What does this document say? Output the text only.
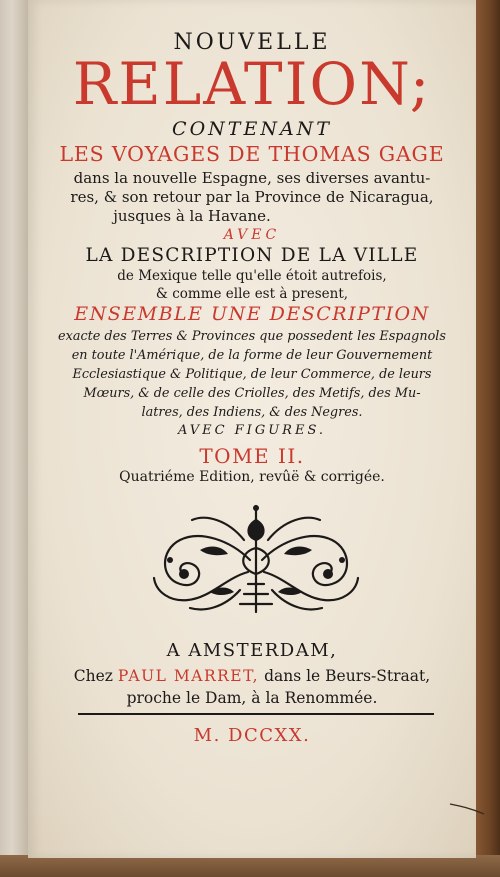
NOUVELLE
RELATION;
CONTENANT
LES VOYAGES DE THOMAS GAGE
dans la nouvelle Espagne, ses diverses avantu-
res, & son retour par la Province de Nicaragua,
jusques à la Havane.
AVEC
LA DESCRIPTION DE LA VILLE
de Mexique telle qu'elle étoit autrefois,
& comme elle est à present,
ENSEMBLE UNE DESCRIPTION
exacte des Terres & Provinces que possedent les Espagnols
en toute l'Amérique, de la forme de leur Gouvernement
Ecclesiastique & Politique, de leur Commerce, de leurs
Mœurs, & de celle des Criolles, des Metifs, des Mu-
latres, des Indiens, & des Negres.
AVEC FIGURES.
TOME II.
Quatriéme Edition, revûë & corrigée.
A AMSTERDAM,
Chez PAUL MARRET, dans le Beurs-Straat,
proche le Dam, à la Renommée.
M. DCCXX.
